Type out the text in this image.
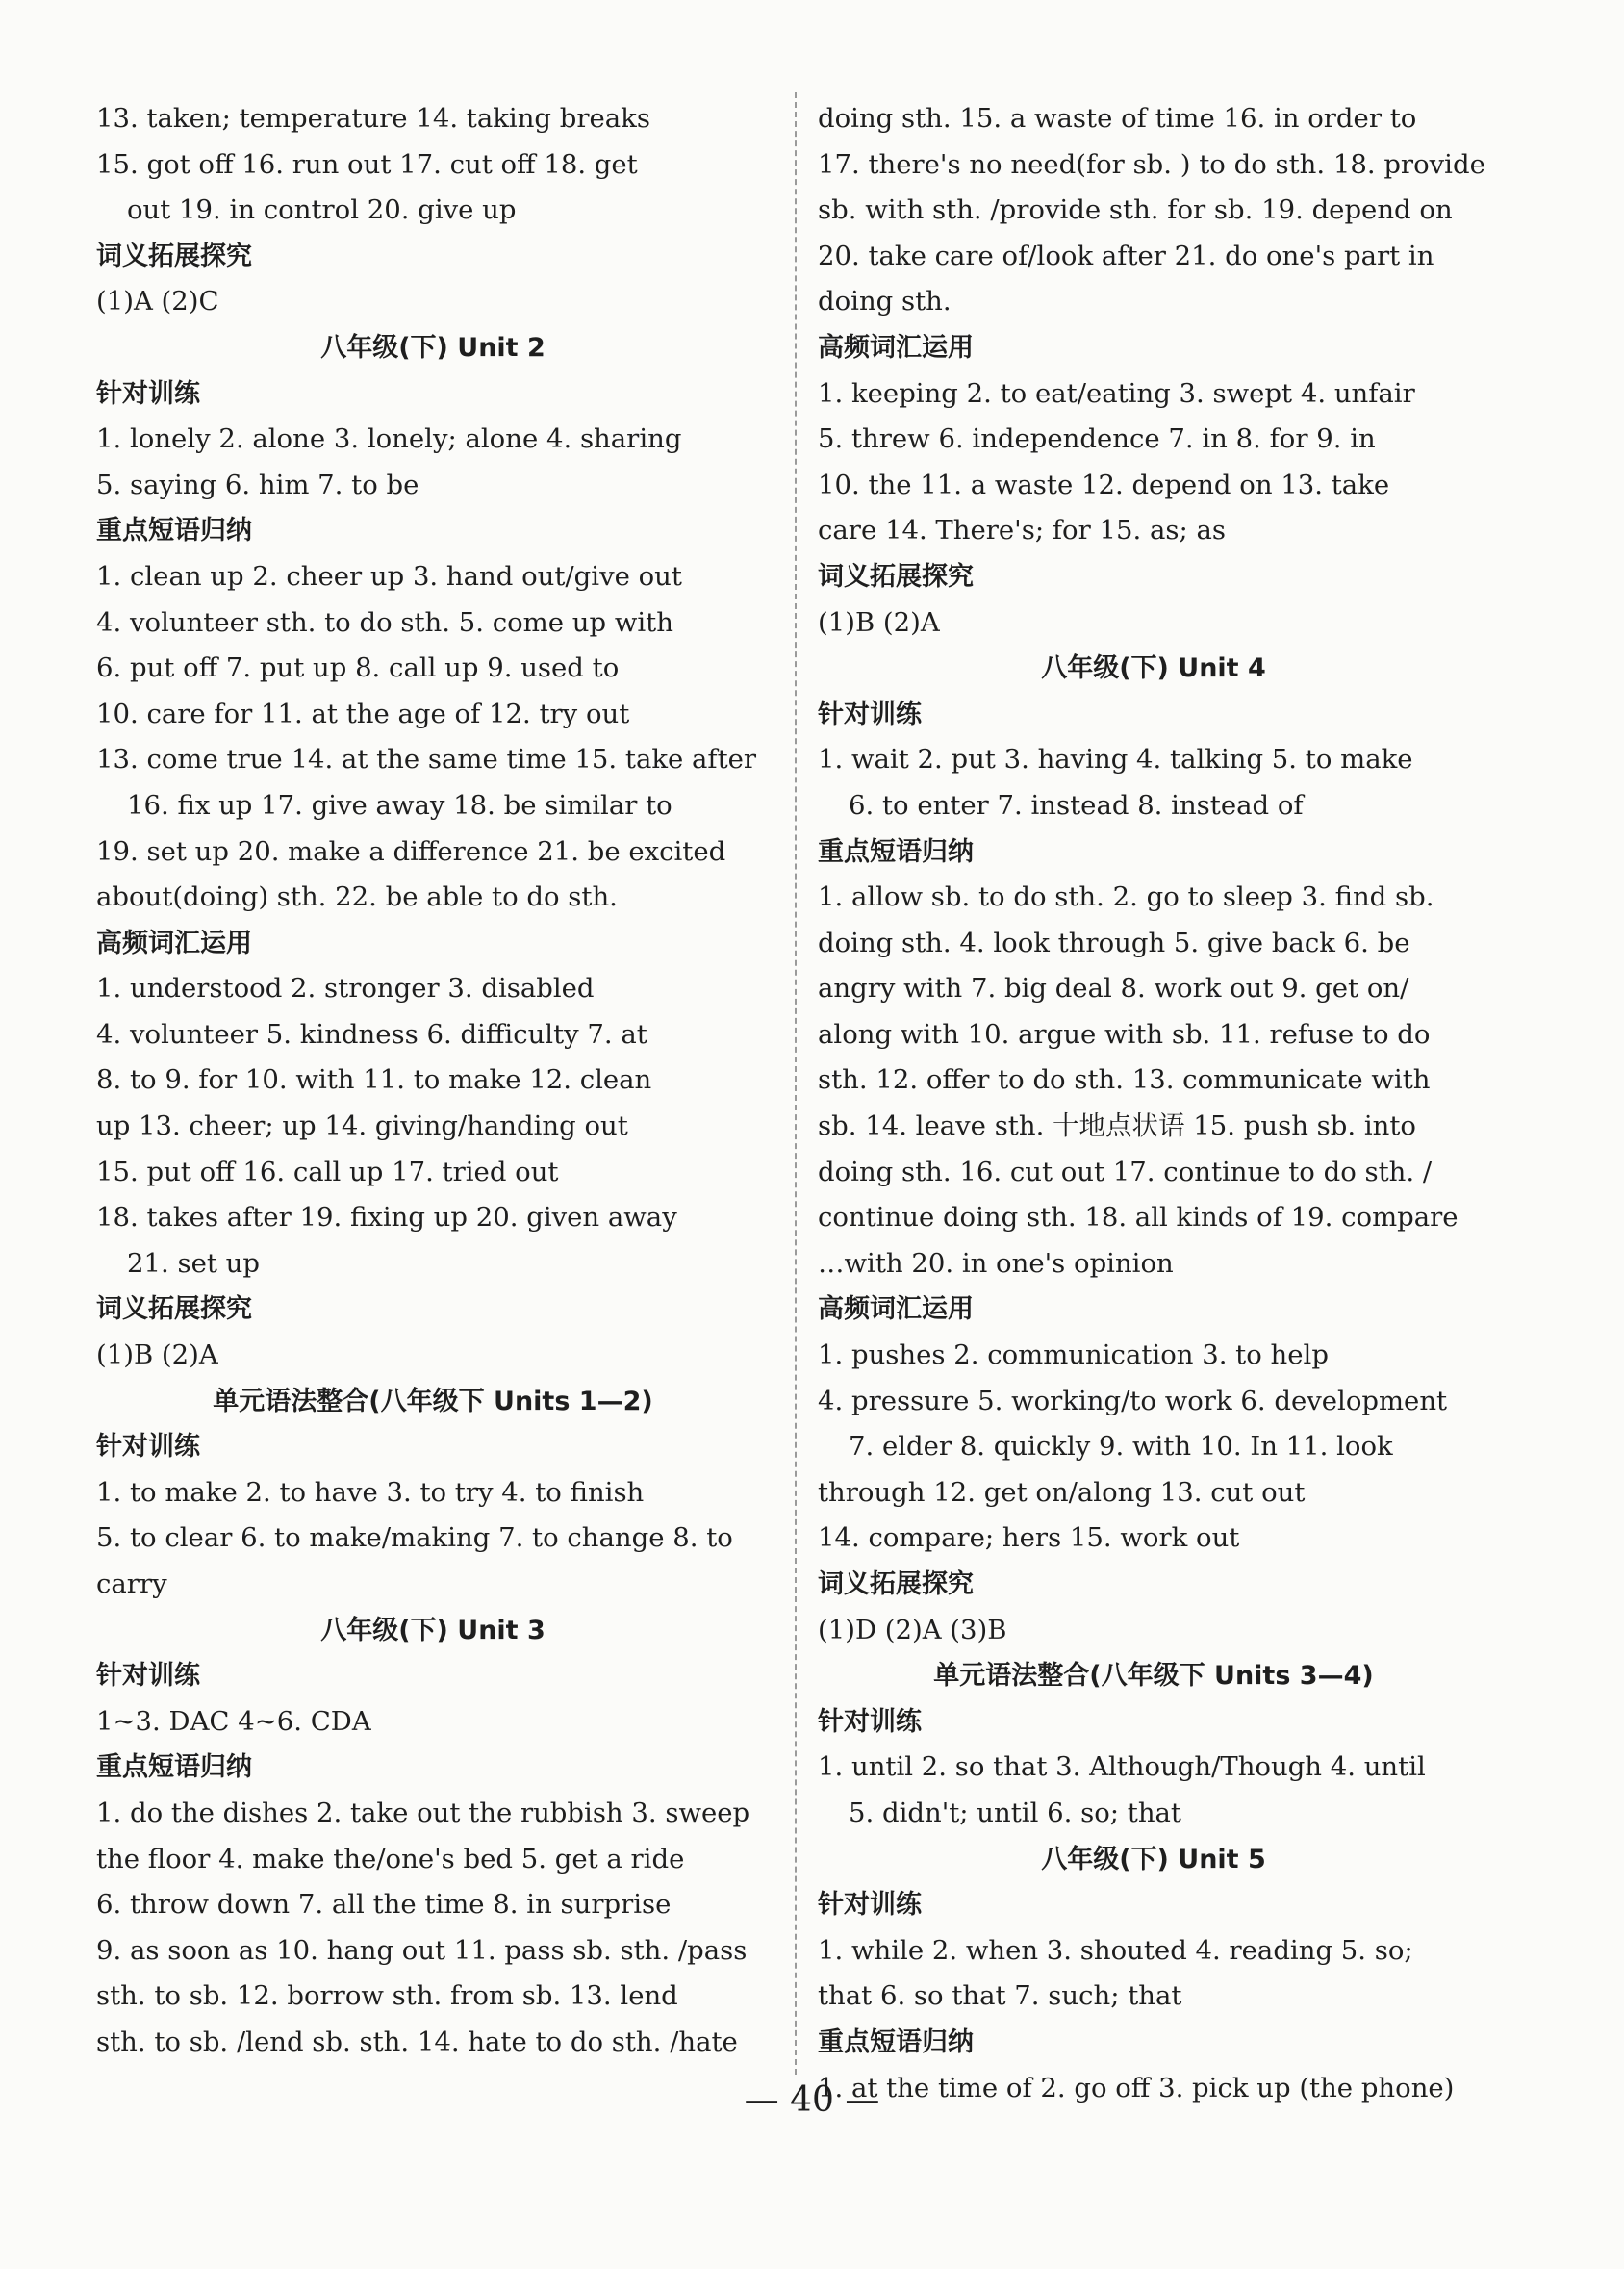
13. taken; temperature 14. taking breaks
15. got off 16. run out 17. cut off 18. get
out 19. in control 20. give up
词义拓展探究
(1)A (2)C
八年级(下) Unit 2
针对训练
1. lonely 2. alone 3. lonely; alone 4. sharing
5. saying 6. him 7. to be
重点短语归纳
1. clean up 2. cheer up 3. hand out/give out
4. volunteer sth. to do sth. 5. come up with
6. put off 7. put up 8. call up 9. used to
10. care for 11. at the age of 12. try out
13. come true 14. at the same time 15. take after
16. fix up 17. give away 18. be similar to
19. set up 20. make a difference 21. be excited
about(doing) sth. 22. be able to do sth.
高频词汇运用
1. understood 2. stronger 3. disabled
4. volunteer 5. kindness 6. difficulty 7. at
8. to 9. for 10. with 11. to make 12. clean
up 13. cheer; up 14. giving/handing out
15. put off 16. call up 17. tried out
18. takes after 19. fixing up 20. given away
21. set up
词义拓展探究
(1)B (2)A
单元语法整合(八年级下 Units 1—2)
针对训练
1. to make 2. to have 3. to try 4. to finish
5. to clear 6. to make/making 7. to change 8. to
carry
八年级(下) Unit 3
针对训练
1~3. DAC 4~6. CDA
重点短语归纳
1. do the dishes 2. take out the rubbish 3. sweep
the floor 4. make the/one's bed 5. get a ride
6. throw down 7. all the time 8. in surprise
9. as soon as 10. hang out 11. pass sb. sth. /pass
sth. to sb. 12. borrow sth. from sb. 13. lend
sth. to sb. /lend sb. sth. 14. hate to do sth. /hate
doing sth. 15. a waste of time 16. in order to
17. there's no need(for sb. ) to do sth. 18. provide
sb. with sth. /provide sth. for sb. 19. depend on
20. take care of/look after 21. do one's part in
doing sth.
高频词汇运用
1. keeping 2. to eat/eating 3. swept 4. unfair
5. threw 6. independence 7. in 8. for 9. in
10. the 11. a waste 12. depend on 13. take
care 14. There's; for 15. as; as
词义拓展探究
(1)B (2)A
八年级(下) Unit 4
针对训练
1. wait 2. put 3. having 4. talking 5. to make
6. to enter 7. instead 8. instead of
重点短语归纳
1. allow sb. to do sth. 2. go to sleep 3. find sb.
doing sth. 4. look through 5. give back 6. be
angry with 7. big deal 8. work out 9. get on/
along with 10. argue with sb. 11. refuse to do
sth. 12. offer to do sth. 13. communicate with
sb. 14. leave sth. 十地点状语 15. push sb. into
doing sth. 16. cut out 17. continue to do sth. /
continue doing sth. 18. all kinds of 19. compare
…with 20. in one's opinion
高频词汇运用
1. pushes 2. communication 3. to help
4. pressure 5. working/to work 6. development
7. elder 8. quickly 9. with 10. In 11. look
through 12. get on/along 13. cut out
14. compare; hers 15. work out
词义拓展探究
(1)D (2)A (3)B
单元语法整合(八年级下 Units 3—4)
针对训练
1. until 2. so that 3. Although/Though 4. until
5. didn't; until 6. so; that
八年级(下) Unit 5
针对训练
1. while 2. when 3. shouted 4. reading 5. so;
that 6. so that 7. such; that
重点短语归纳
1. at the time of 2. go off 3. pick up (the phone)
— 40 —
